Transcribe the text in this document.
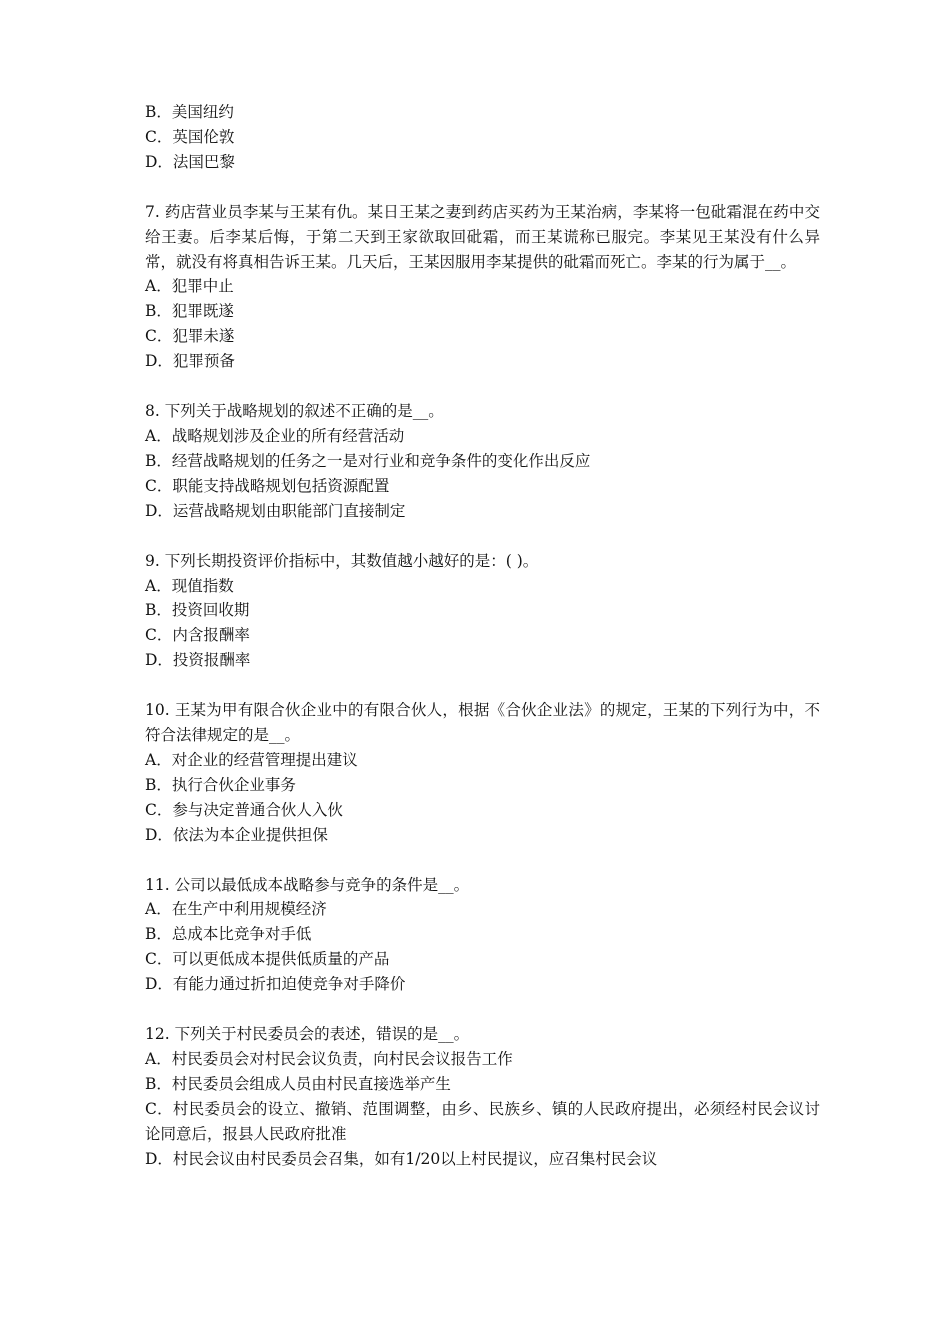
B．美国纽约
C．英国伦敦
D．法国巴黎
7. 药店营业员李某与王某有仇。某日王某之妻到药店买药为王某治病，李某将一包砒霜混在药中交给王妻。后李某后悔，于第二天到王家欲取回砒霜，而王某谎称已服完。李某见王某没有什么异常，就没有将真相告诉王某。几天后，王某因服用李某提供的砒霜而死亡。李某的行为属于__。
A．犯罪中止
B．犯罪既遂
C．犯罪未遂
D．犯罪预备
8. 下列关于战略规划的叙述不正确的是__。
A．战略规划涉及企业的所有经营活动
B．经营战略规划的任务之一是对行业和竞争条件的变化作出反应
C．职能支持战略规划包括资源配置
D．运营战略规划由职能部门直接制定
9. 下列长期投资评价指标中，其数值越小越好的是：( )。
A．现值指数
B．投资回收期
C．内含报酬率
D．投资报酬率
10. 王某为甲有限合伙企业中的有限合伙人，根据《合伙企业法》的规定，王某的下列行为中，不符合法律规定的是__。
A．对企业的经营管理提出建议
B．执行合伙企业事务
C．参与决定普通合伙人入伙
D．依法为本企业提供担保
11. 公司以最低成本战略参与竞争的条件是__。
A．在生产中利用规模经济
B．总成本比竞争对手低
C．可以更低成本提供低质量的产品
D．有能力通过折扣迫使竞争对手降价
12. 下列关于村民委员会的表述，错误的是__。
A．村民委员会对村民会议负责，向村民会议报告工作
B．村民委员会组成人员由村民直接选举产生
C．村民委员会的设立、撤销、范围调整，由乡、民族乡、镇的人民政府提出，必须经村民会议讨论同意后，报县人民政府批准
D．村民会议由村民委员会召集，如有1/20以上村民提议，应召集村民会议
